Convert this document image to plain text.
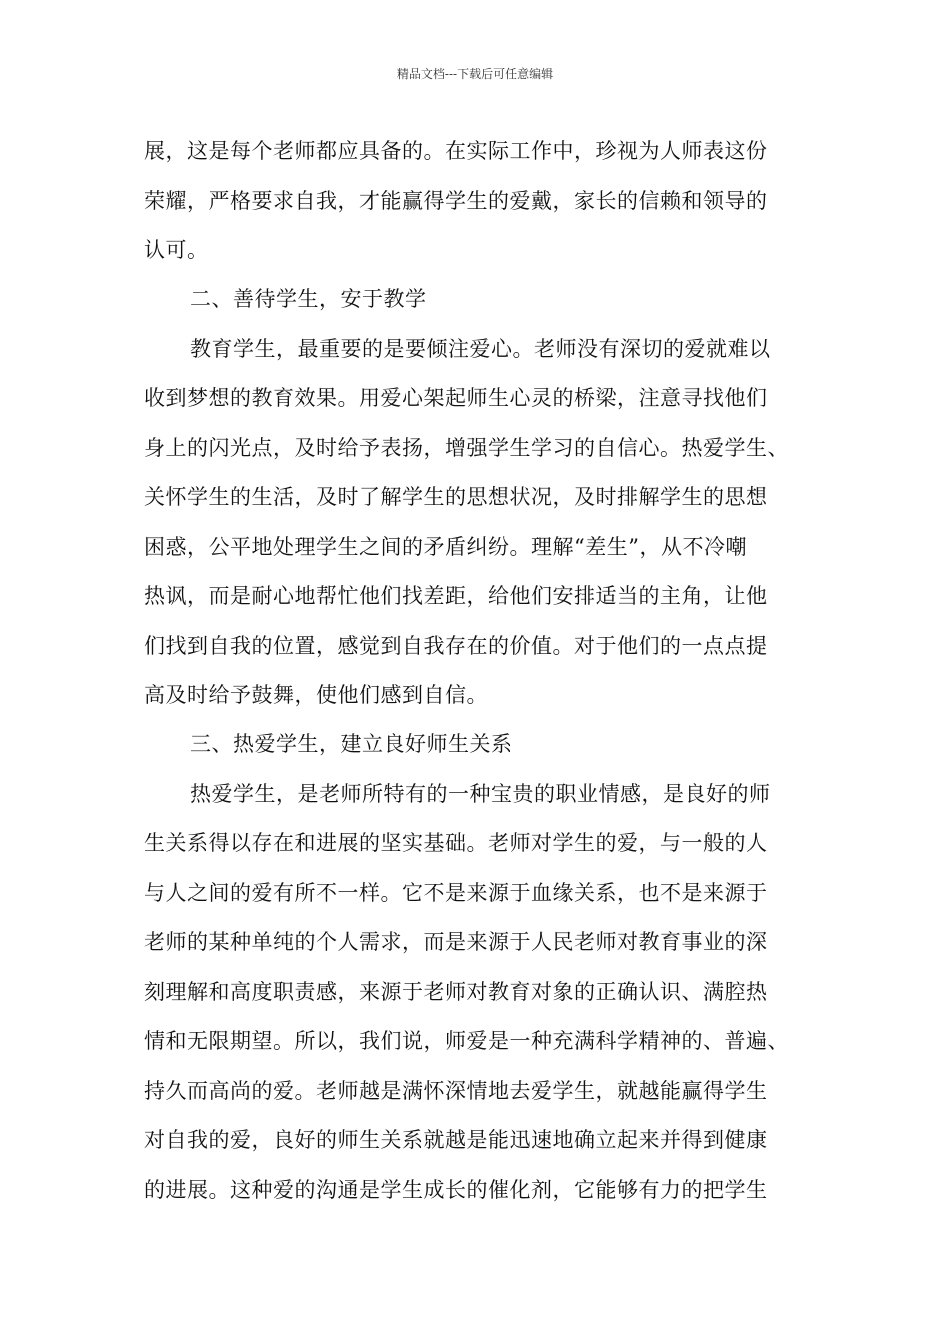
精品文档---下载后可任意编辑
展，这是每个老师都应具备的。在实际工作中，珍视为人师表这份
荣耀，严格要求自我，才能赢得学生的爱戴，家长的信赖和领导的
认可。
二、善待学生，安于教学
教育学生，最重要的是要倾注爱心。老师没有深切的爱就难以
收到梦想的教育效果。用爱心架起师生心灵的桥梁，注意寻找他们
身上的闪光点，及时给予表扬，增强学生学习的自信心。热爱学生、
关怀学生的生活，及时了解学生的思想状况，及时排解学生的思想
困惑，公平地处理学生之间的矛盾纠纷。理解“差生”，从不冷嘲
热讽，而是耐心地帮忙他们找差距，给他们安排适当的主角，让他
们找到自我的位置，感觉到自我存在的价值。对于他们的一点点提
高及时给予鼓舞，使他们感到自信。
三、热爱学生，建立良好师生关系
热爱学生，是老师所特有的一种宝贵的职业情感，是良好的师
生关系得以存在和进展的坚实基础。老师对学生的爱，与一般的人
与人之间的爱有所不一样。它不是来源于血缘关系，也不是来源于
老师的某种单纯的个人需求，而是来源于人民老师对教育事业的深
刻理解和高度职责感，来源于老师对教育对象的正确认识、满腔热
情和无限期望。所以，我们说，师爱是一种充满科学精神的、普遍、
持久而高尚的爱。老师越是满怀深情地去爱学生，就越能赢得学生
对自我的爱，良好的师生关系就越是能迅速地确立起来并得到健康
的进展。这种爱的沟通是学生成长的催化剂，它能够有力的把学生
